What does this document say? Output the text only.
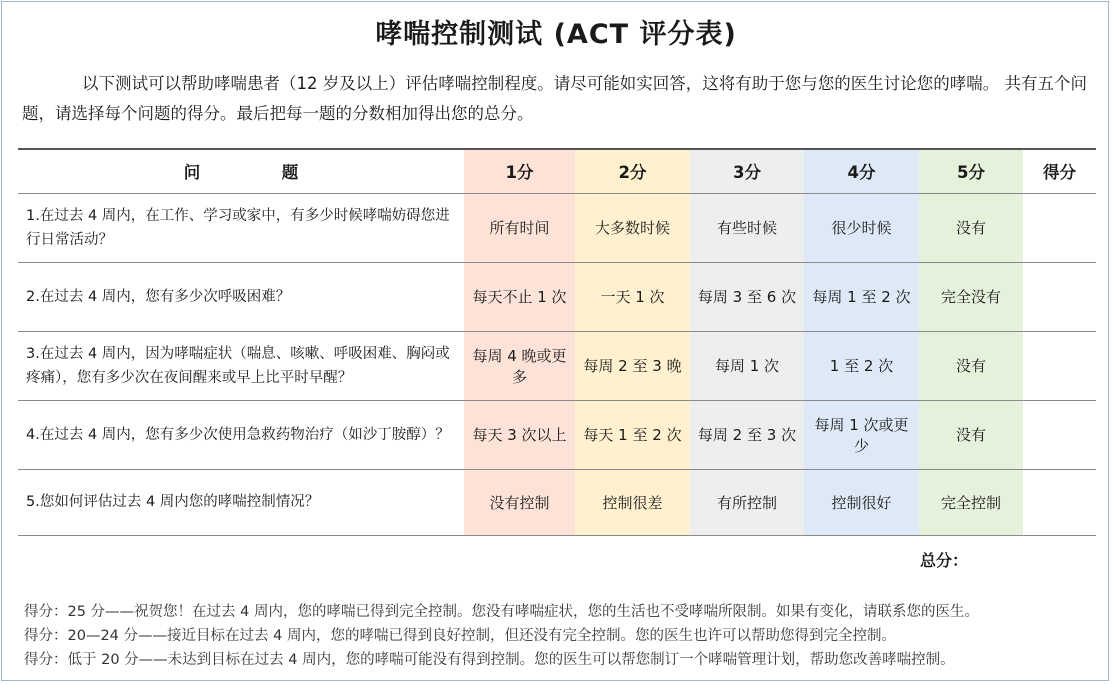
哮喘控制测试 (ACT 评分表)
以下测试可以帮助哮喘患者（12 岁及以上）评估哮喘控制程度。请尽可能如实回答，这将有助于您与您的医生讨论您的哮喘。 共有五个问题，请选择每个问题的得分。最后把每一题的分数相加得出您的总分。
问 题	1分	2分	3分	4分	5分	得分
1.在过去 4 周内，在工作、学习或家中，有多少时候哮喘妨碍您进行日常活动？	所有时间	大多数时候	有些时候	很少时候	没有	
2.在过去 4 周内，您有多少次呼吸困难？	每天不止 1 次	一天 1 次	每周 3 至 6 次	每周 1 至 2 次	完全没有	
3.在过去 4 周内，因为哮喘症状（喘息、咳嗽、呼吸困难、胸闷或疼痛），您有多少次在夜间醒来或早上比平时早醒？	每周 4 晚或更多	每周 2 至 3 晚	每周 1 次	1 至 2 次	没有	
4.在过去 4 周内，您有多少次使用急救药物治疗（如沙丁胺醇）？	每天 3 次以上	每天 1 至 2 次	每周 2 至 3 次	每周 1 次或更少	没有	
5.您如何评估过去 4 周内您的哮喘控制情况？	没有控制	控制很差	有所控制	控制很好	完全控制	
总分：
得分：25 分——祝贺您！在过去 4 周内，您的哮喘已得到完全控制。您没有哮喘症状，您的生活也不受哮喘所限制。如果有变化，请联系您的医生。
得分：20—24 分——接近目标在过去 4 周内，您的哮喘已得到良好控制，但还没有完全控制。您的医生也许可以帮助您得到完全控制。
得分：低于 20 分——未达到目标在过去 4 周内，您的哮喘可能没有得到控制。您的医生可以帮您制订一个哮喘管理计划，帮助您改善哮喘控制。
